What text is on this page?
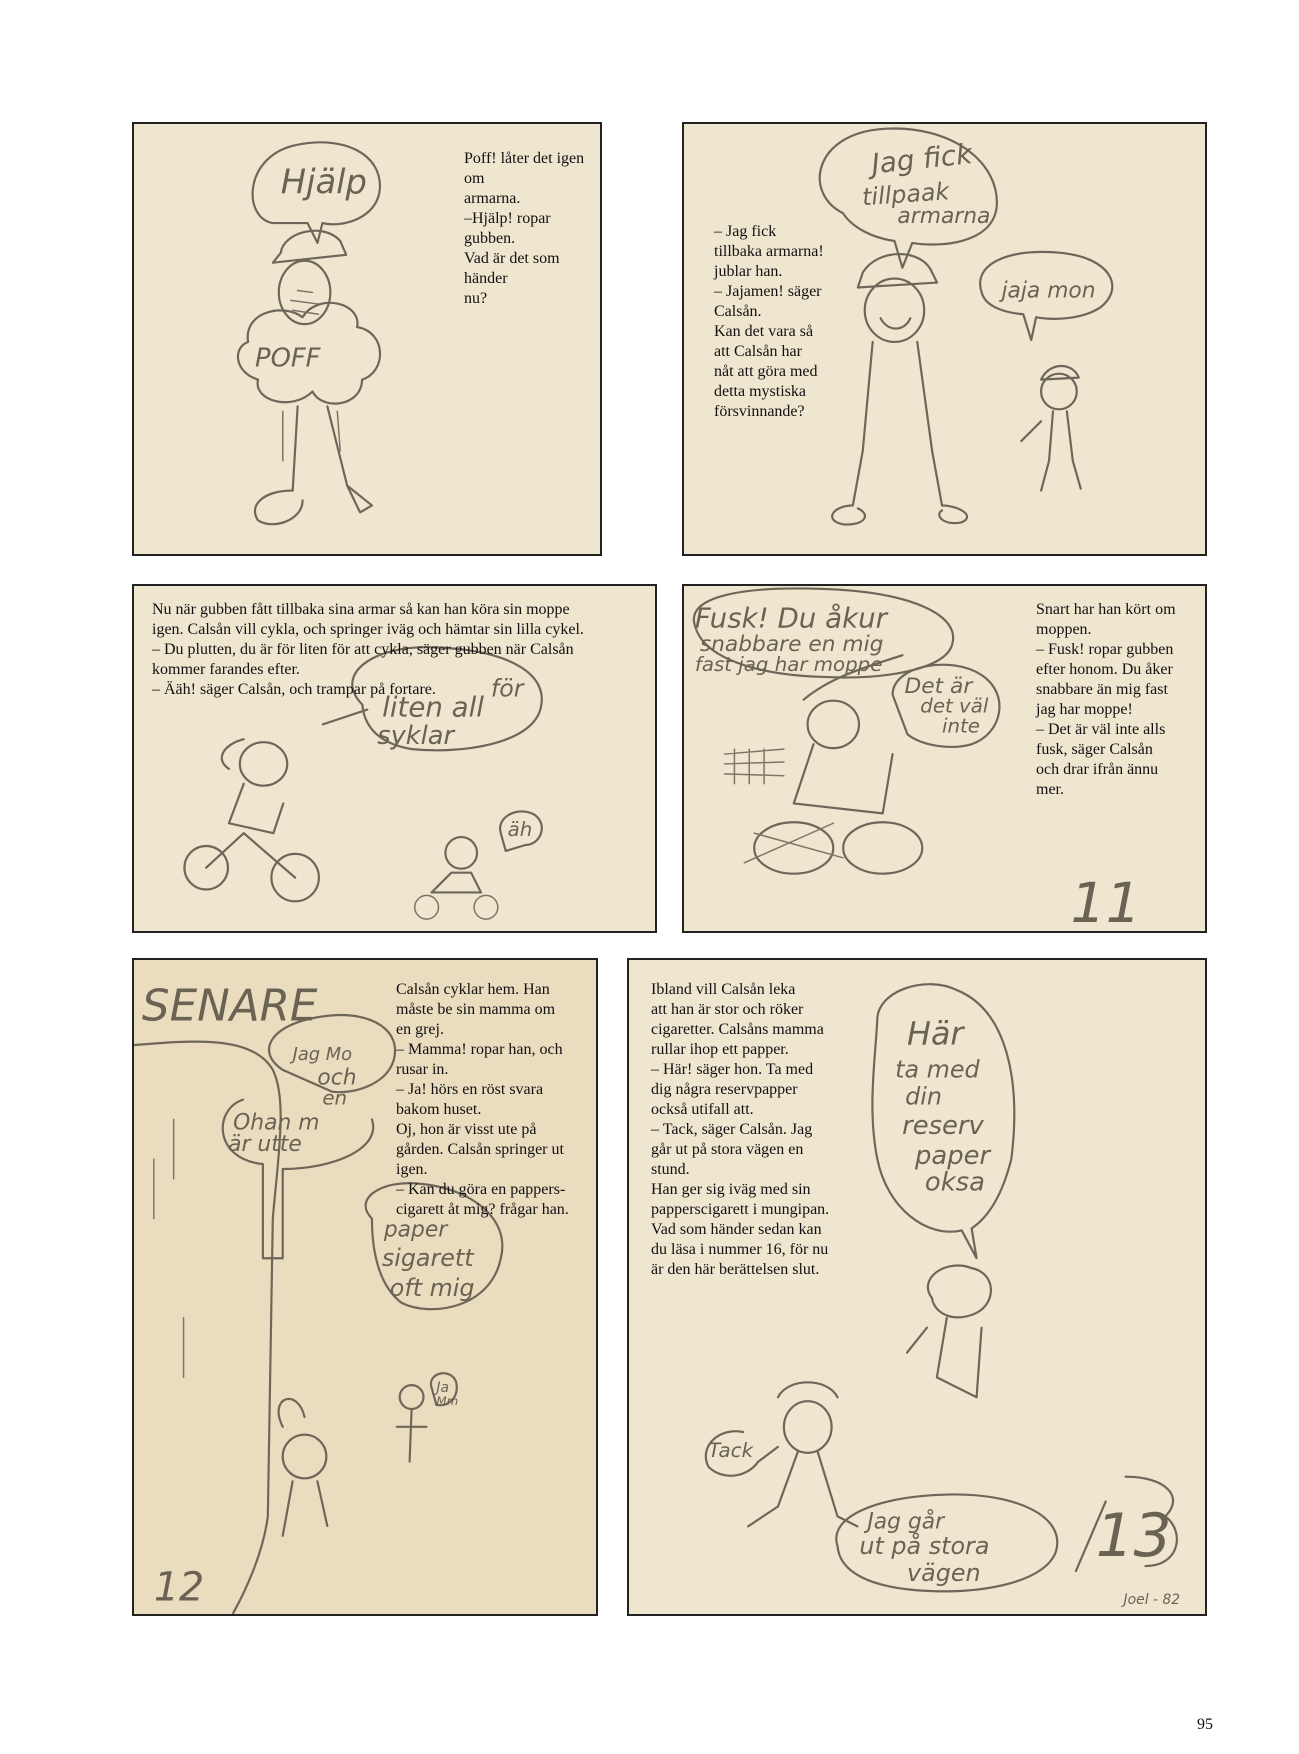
Hjälp
POFF
Poff! låter det igen om
armarna.
–Hjälp! ropar gubben.
Vad är det som händer
nu?
Jag fick
tillpaak
armarna
jaja mon
– Jag fick
tillbaka armarna!
jublar han.
– Jajamen! säger
Calsån.
Kan det vara så
att Calsån har
nåt att göra med
detta mystiska
försvinnande?
för
liten all
syklar
äh
Nu när gubben fått tillbaka sina armar så kan han köra sin moppe
igen. Calsån vill cykla, och springer iväg och hämtar sin lilla cykel.
– Du plutten, du är för liten för att cykla, säger gubben när Calsån
kommer farandes efter.
– Ääh! säger Calsån, och trampar på fortare.
Fusk! Du åkur
snabbare en mig
fast jag har moppe
Det är
det väl
inte
11
Snart har han kört om
moppen.
– Fusk! ropar gubben
efter honom. Du åker
snabbare än mig fast
jag har moppe!
– Det är väl inte alls
fusk, säger Calsån
och drar ifrån ännu
mer.
SENARE
Jag Mo
och
en
Ohan m
är utte
paper
sigarett
oft mig
Ja
Mm
12
Calsån cyklar hem. Han
måste be sin mamma om
en grej.
– Mamma! ropar han, och
rusar in.
– Ja! hörs en röst svara
bakom huset.
Oj, hon är visst ute på
gården. Calsån springer ut
igen.
– Kan du göra en pappers-
cigarett åt mig? frågar han.
Här
ta med
din
reserv
paper
oksa
Tack
Jag går
ut på stora
vägen
13
Joel - 82
Ibland vill Calsån leka
att han är stor och röker
cigaretter. Calsåns mamma
rullar ihop ett papper.
– Här! säger hon. Ta med
dig några reservpapper
också utifall att.
– Tack, säger Calsån. Jag
går ut på stora vägen en
stund.
Han ger sig iväg med sin
papperscigarett i mungipan.
Vad som händer sedan kan
du läsa i nummer 16, för nu
är den här berättelsen slut.
95
